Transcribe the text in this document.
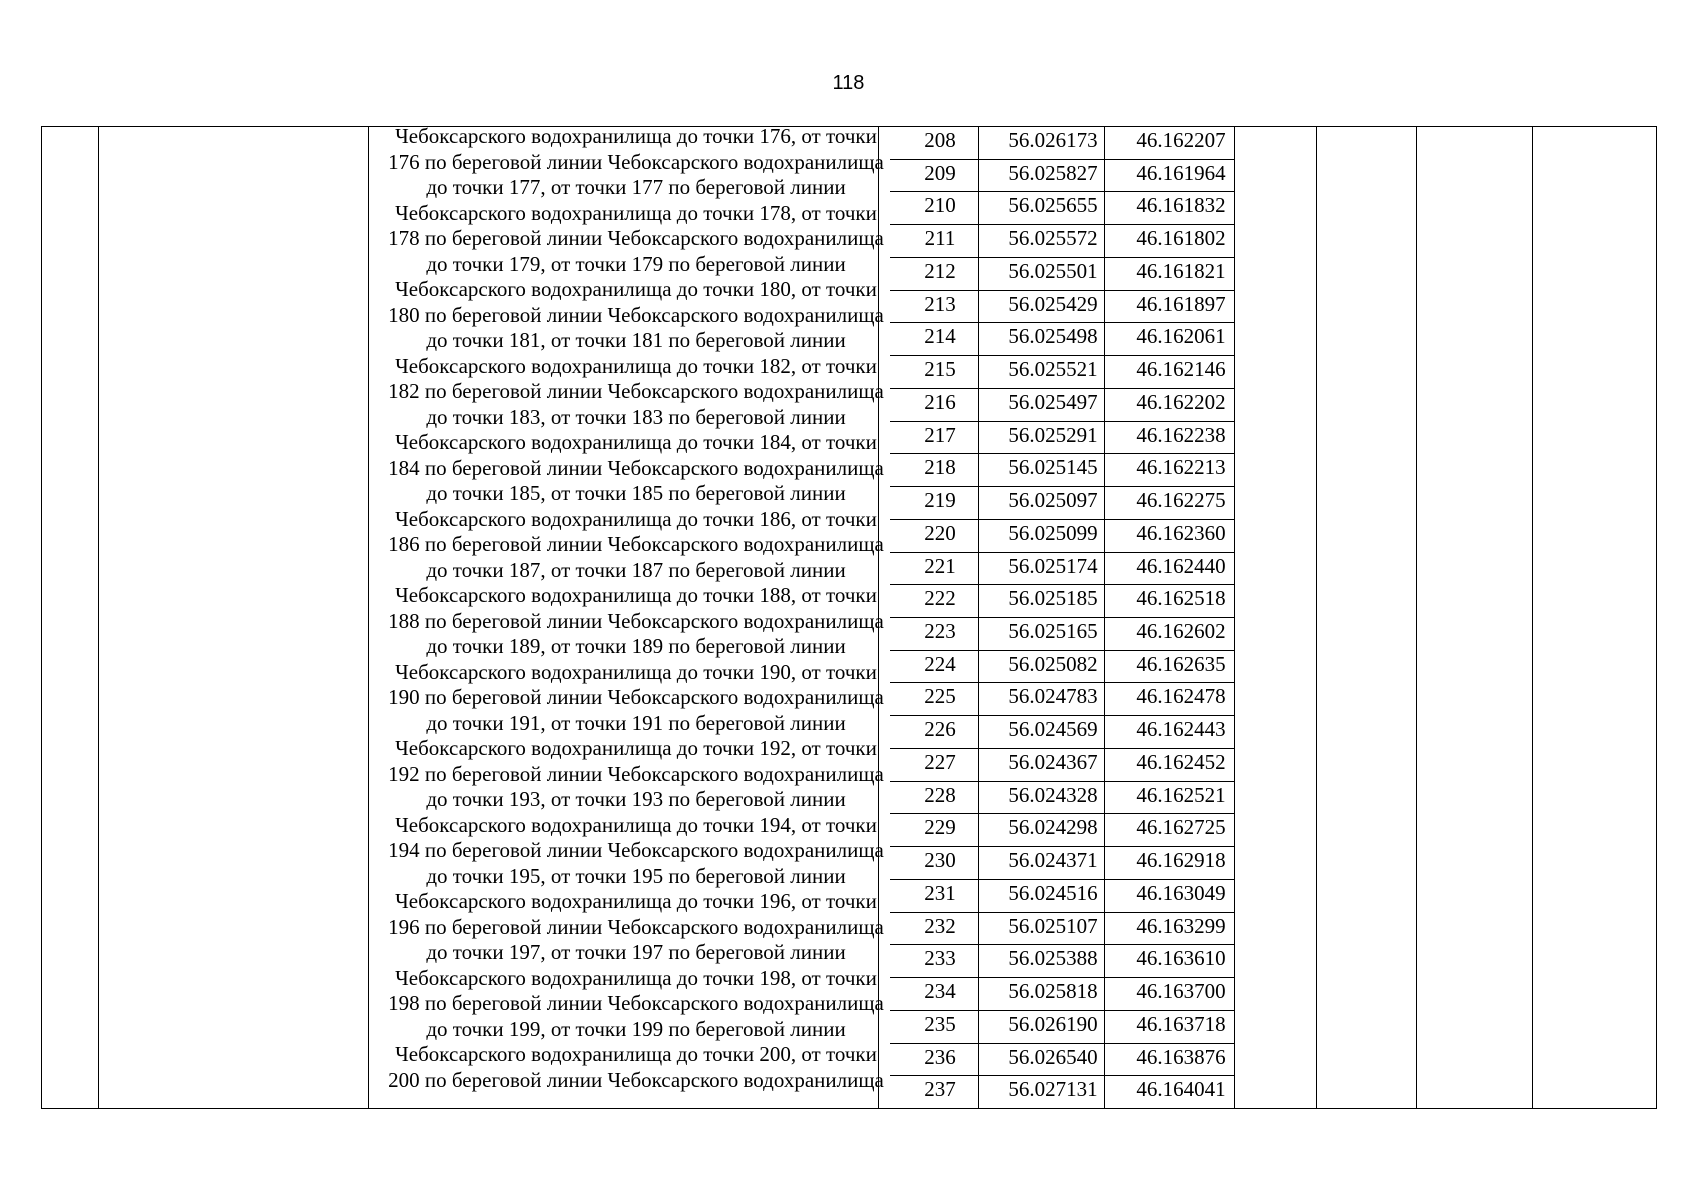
118
Чебоксарского водохранилища до точки 176, от точки
176 по береговой линии Чебоксарского водохранилища
до точки 177, от точки 177 по береговой линии
Чебоксарского водохранилища до точки 178, от точки
178 по береговой линии Чебоксарского водохранилища
до точки 179, от точки 179 по береговой линии
Чебоксарского водохранилища до точки 180, от точки
180 по береговой линии Чебоксарского водохранилища
до точки 181, от точки 181 по береговой линии
Чебоксарского водохранилища до точки 182, от точки
182 по береговой линии Чебоксарского водохранилища
до точки 183, от точки 183 по береговой линии
Чебоксарского водохранилища до точки 184, от точки
184 по береговой линии Чебоксарского водохранилища
до точки 185, от точки 185 по береговой линии
Чебоксарского водохранилища до точки 186, от точки
186 по береговой линии Чебоксарского водохранилища
до точки 187, от точки 187 по береговой линии
Чебоксарского водохранилища до точки 188, от точки
188 по береговой линии Чебоксарского водохранилища
до точки 189, от точки 189 по береговой линии
Чебоксарского водохранилища до точки 190, от точки
190 по береговой линии Чебоксарского водохранилища
до точки 191, от точки 191 по береговой линии
Чебоксарского водохранилища до точки 192, от точки
192 по береговой линии Чебоксарского водохранилища
до точки 193, от точки 193 по береговой линии
Чебоксарского водохранилища до точки 194, от точки
194 по береговой линии Чебоксарского водохранилища
до точки 195, от точки 195 по береговой линии
Чебоксарского водохранилища до точки 196, от точки
196 по береговой линии Чебоксарского водохранилища
до точки 197, от точки 197 по береговой линии
Чебоксарского водохранилища до точки 198, от точки
198 по береговой линии Чебоксарского водохранилища
до точки 199, от точки 199 по береговой линии
Чебоксарского водохранилища до точки 200, от точки
200 по береговой линии Чебоксарского водохранилища
208	56.026173	46.162207
209	56.025827	46.161964
210	56.025655	46.161832
211	56.025572	46.161802
212	56.025501	46.161821
213	56.025429	46.161897
214	56.025498	46.162061
215	56.025521	46.162146
216	56.025497	46.162202
217	56.025291	46.162238
218	56.025145	46.162213
219	56.025097	46.162275
220	56.025099	46.162360
221	56.025174	46.162440
222	56.025185	46.162518
223	56.025165	46.162602
224	56.025082	46.162635
225	56.024783	46.162478
226	56.024569	46.162443
227	56.024367	46.162452
228	56.024328	46.162521
229	56.024298	46.162725
230	56.024371	46.162918
231	56.024516	46.163049
232	56.025107	46.163299
233	56.025388	46.163610
234	56.025818	46.163700
235	56.026190	46.163718
236	56.026540	46.163876
237	56.027131	46.164041
